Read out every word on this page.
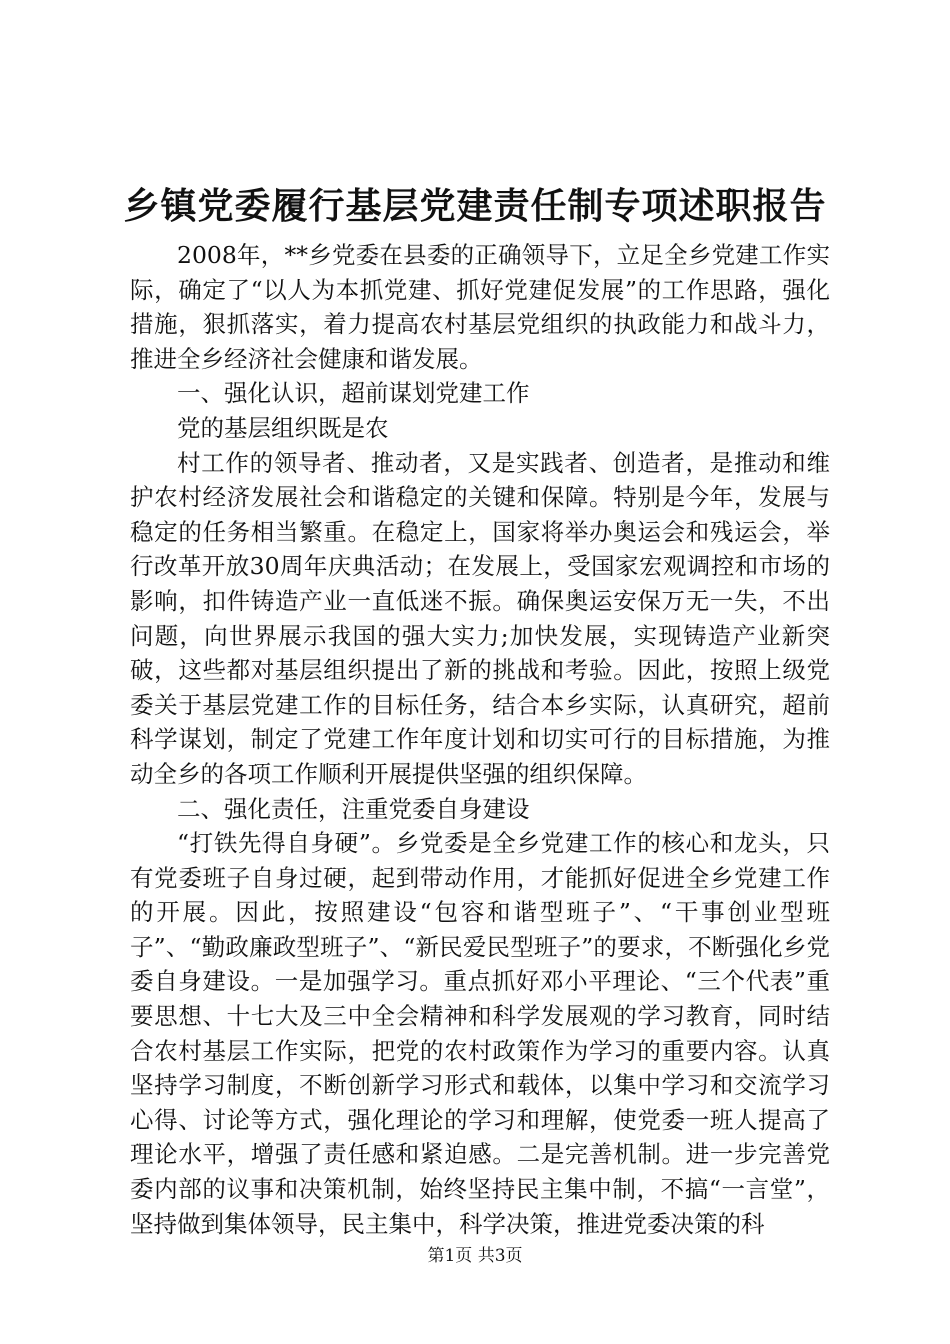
乡镇党委履行基层党建责任制专项述职报告

2008年，**乡党委在县委的正确领导下，立足全乡党建工作实际，确定了“以人为本抓党建、抓好党建促发展”的工作思路，强化措施，狠抓落实，着力提高农村基层党组织的执政能力和战斗力，推进全乡经济社会健康和谐发展。

一、强化认识，超前谋划党建工作

党的基层组织既是农

村工作的领导者、推动者，又是实践者、创造者，是推动和维护农村经济发展社会和谐稳定的关键和保障。特别是今年，发展与稳定的任务相当繁重。在稳定上，国家将举办奥运会和残运会，举行改革开放30周年庆典活动；在发展上，受国家宏观调控和市场的影响，扣件铸造产业一直低迷不振。确保奥运安保万无一失，不出问题，向世界展示我国的强大实力;加快发展，实现铸造产业新突破，这些都对基层组织提出了新的挑战和考验。因此，按照上级党委关于基层党建工作的目标任务，结合本乡实际，认真研究，超前科学谋划，制定了党建工作年度计划和切实可行的目标措施，为推动全乡的各项工作顺利开展提供坚强的组织保障。

二、强化责任，注重党委自身建设

“打铁先得自身硬”。乡党委是全乡党建工作的核心和龙头，只有党委班子自身过硬，起到带动作用，才能抓好促进全乡党建工作的开展。因此，按照建设“包容和谐型班子”、“干事创业型班子”、“勤政廉政型班子”、“新民爱民型班子”的要求，不断强化乡党委自身建设。一是加强学习。重点抓好邓小平理论、“三个代表”重要思想、十七大及三中全会精神和科学发展观的学习教育，同时结合农村基层工作实际，把党的农村政策作为学习的重要内容。认真坚持学习制度，不断创新学习形式和载体，以集中学习和交流学习心得、讨论等方式，强化理论的学习和理解，使党委一班人提高了理论水平，增强了责任感和紧迫感。二是完善机制。进一步完善党委内部的议事和决策机制，始终坚持民主集中制，不搞“一言堂”，坚持做到集体领导，民主集中，科学决策，推进党委决策的科

第1页 共3页
